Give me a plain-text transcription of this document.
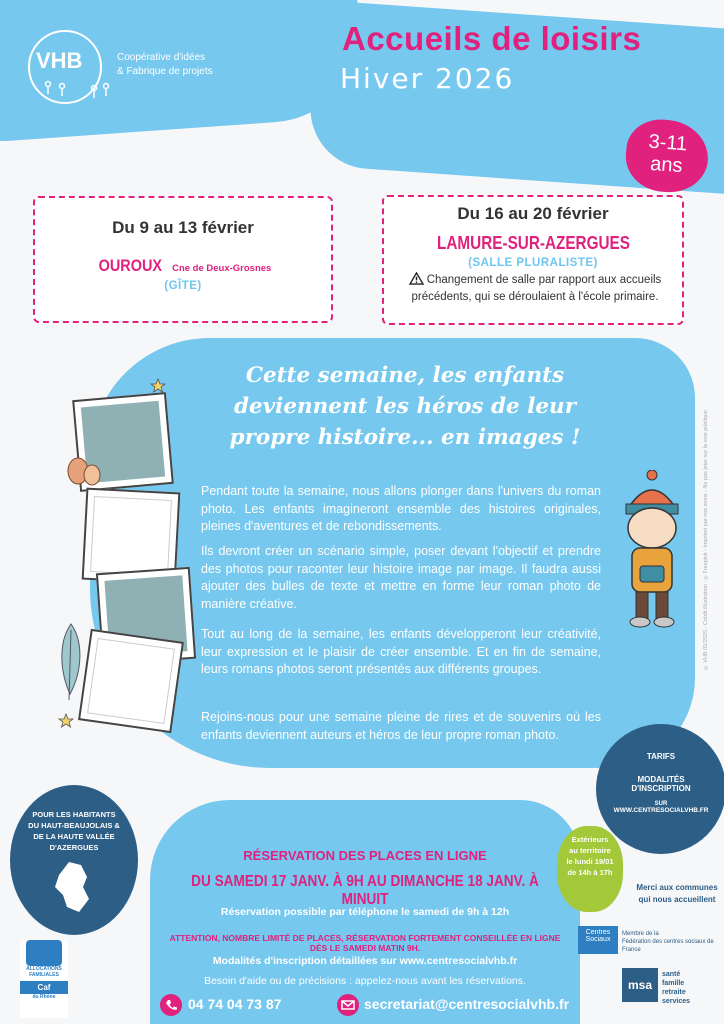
VHB	Coopérative d'idées
& Fabrique de projets
Accueils de loisirs
Hiver 2026
3-11
ans
Du 9 au 13 février
OUROUX Cne de Deux-Grosnes
(GÎTE)
Du 16 au 20 février
LAMURE-SUR-AZERGUES
(SALLE PLURALISTE)
Changement de salle par rapport aux accueils précédents, qui se déroulaient à l'école primaire.
Cette semaine, les enfants deviennent les héros de leur propre histoire... en images !
Pendant toute la semaine, nous allons plonger dans l'univers du roman photo. Les enfants imagineront ensemble des histoires originales, pleines d'aventures et de rebondissements.
Ils devront créer un scénario simple, poser devant l'objectif et prendre des photos pour raconter leur histoire image par image. Il faudra aussi ajouter des bulles de texte et mettre en forme leur roman photo de manière créative.
Tout au long de la semaine, les enfants développeront leur créativité, leur expression et le plaisir de créer ensemble. Et en fin de semaine, leurs romans photos seront présentés aux différents groupes.
Rejoins-nous pour une semaine pleine de rires et de souvenirs où les enfants deviennent auteurs et héros de leur propre roman photo.
TARIFS
MODALITÉS
D'INSCRIPTION
SUR
WWW.CENTRESOCIALVHB.FR
POUR LES HABITANTS
DU HAUT-BEAUJOLAIS &
DE LA HAUTE VALLÉE D'AZERGUES
RÉSERVATION DES PLACES EN LIGNE
DU SAMEDI 17 JANV. À 9H AU DIMANCHE 18 JANV. À MINUIT
Réservation possible par téléphone le samedi de 9h à 12h
ATTENTION, NOMBRE LIMITÉ DE PLACES, RÉSERVATION FORTEMENT CONSEILLÉE EN LIGNE DÈS LE SAMEDI MATIN 9H.
Modalités d'inscription détaillées sur www.centresocialvhb.fr
Besoin d'aide ou de précisions : appelez-nous avant les réservations.
04 74 04 73 87	secretariat@centresocialvhb.fr
Extérieurs
au territoire
le lundi 19/01
de 14h à 17h
Merci aux communes
qui nous accueillent
Centres Sociaux
Membre de la
Fédération des centres sociaux de France
msa
santé
famille
retraite
services
ALLOCATIONS
FAMILIALES
Caf
du Rhône
© VHB 01/2025 - Crédit illustration : ©Freepick - Imprimé par nos soins - Ne pas jeter sur la voie publique
